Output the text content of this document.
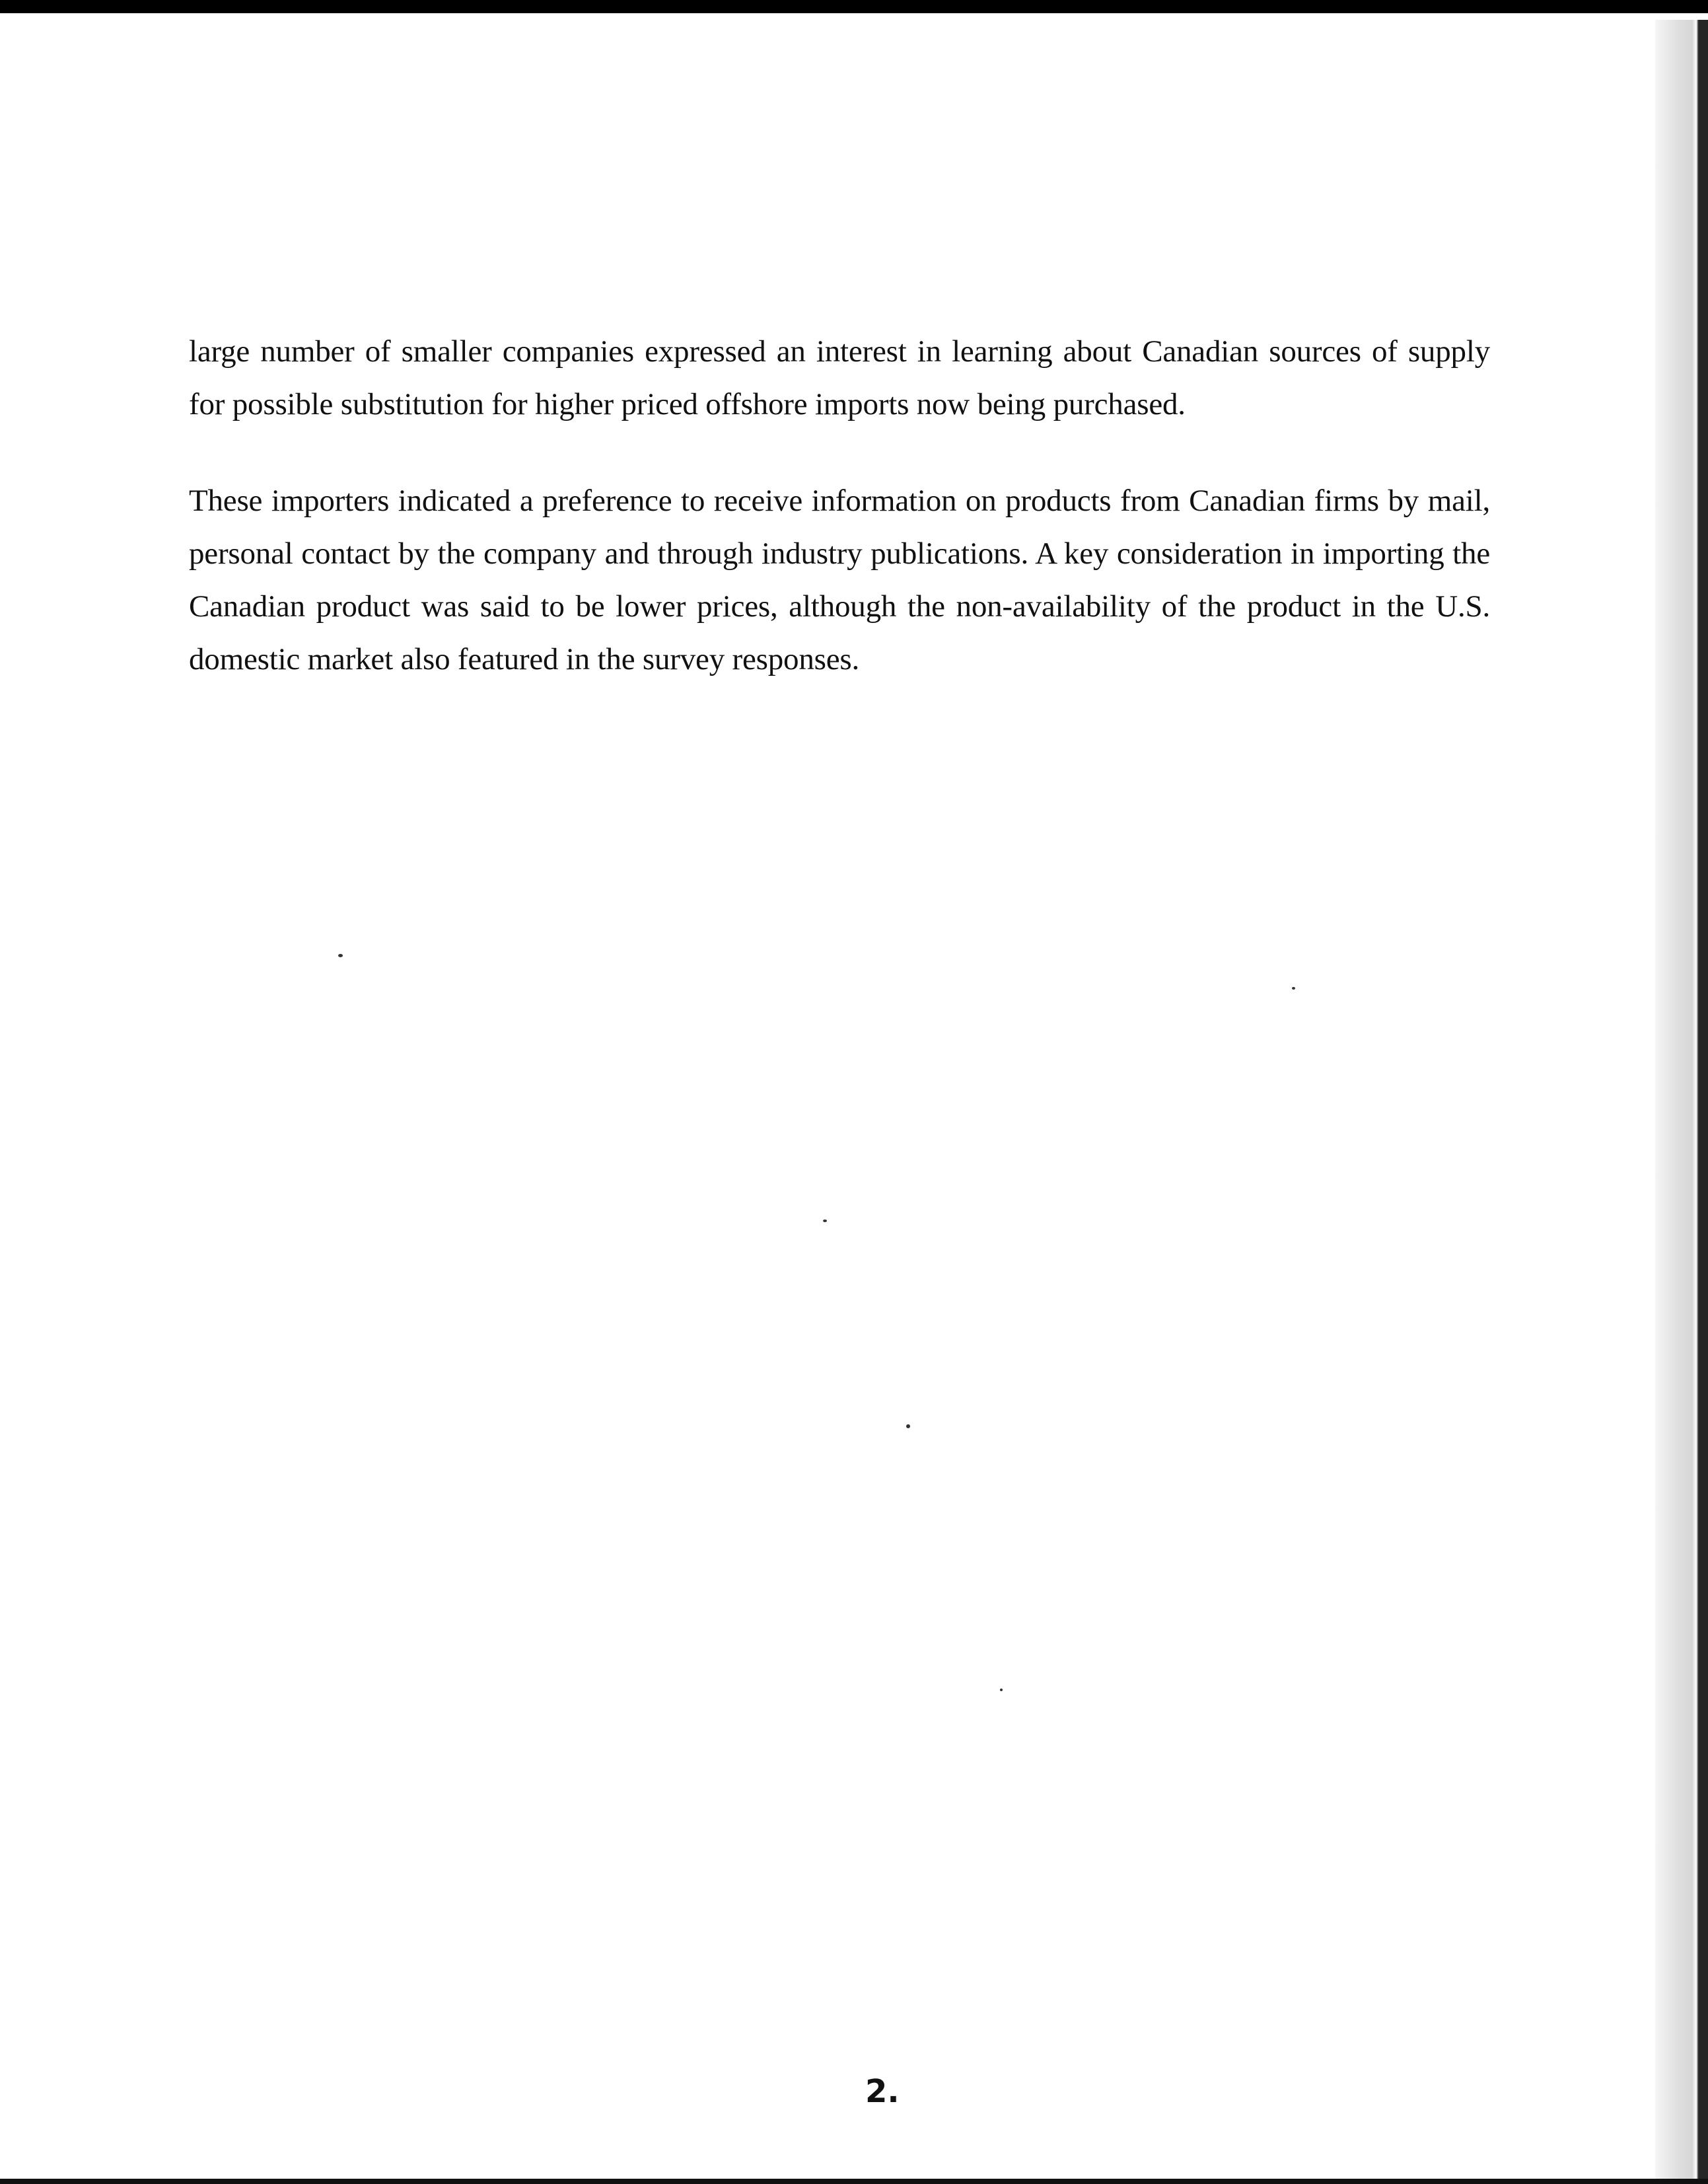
large number of smaller companies expressed an interest in learning about Canadian sources of supply for possible substitution for higher priced offshore imports now being purchased.

These importers indicated a preference to receive information on products from Canadian firms by mail, personal contact by the company and through industry publications. A key consideration in importing the Canadian product was said to be lower prices, although the non-availability of the product in the U.S. domestic market also featured in the survey responses.

2.
